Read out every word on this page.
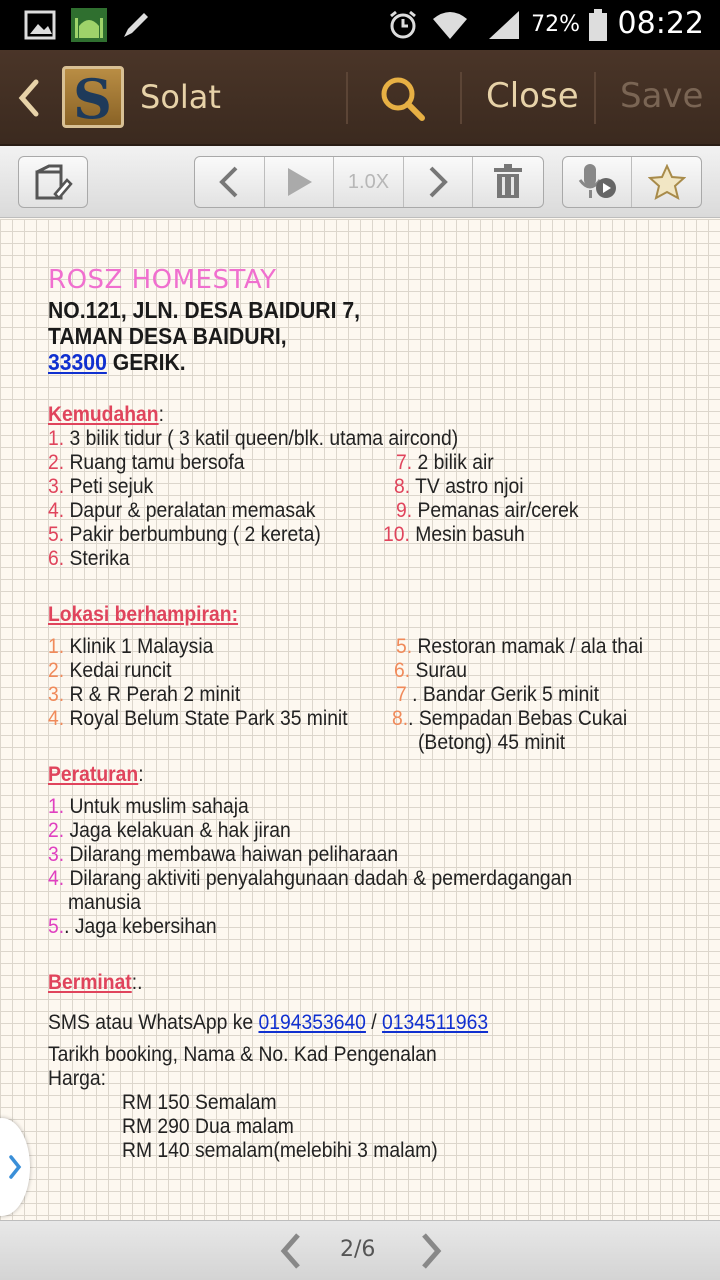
72% 08:22
S Solat	Close Save
1.0X
ROSZ HOMESTAY
NO.121, JLN. DESA BAIDURI 7,
TAMAN DESA BAIDURI,
33300 GERIK.
Kemudahan:
1. 3 bilik tidur ( 3 katil queen/blk. utama aircond)
2. Ruang tamu bersofa
3. Peti sejuk
4. Dapur & peralatan memasak
5. Pakir berbumbung ( 2 kereta)
6. Sterika
7. 2 bilik air
8. TV astro njoi
9. Pemanas air/cerek
10. Mesin basuh
Lokasi berhampiran:
1. Klinik 1 Malaysia
2. Kedai runcit
3. R & R Perah 2 minit
4. Royal Belum State Park 35 minit
5. Restoran mamak / ala thai
6. Surau
7 . Bandar Gerik 5 minit
8.. Sempadan Bebas Cukai
(Betong) 45 minit
Peraturan:
1. Untuk muslim sahaja
2. Jaga kelakuan & hak jiran
3. Dilarang membawa haiwan peliharaan
4. Dilarang aktiviti penyalahgunaan dadah & pemerdagangan
manusia
5.. Jaga kebersihan
Berminat:.
SMS atau WhatsApp ke 0194353640 / 0134511963
Tarikh booking, Nama & No. Kad Pengenalan
Harga:
RM 150 Semalam
RM 290 Dua malam
RM 140 semalam(melebihi 3 malam)
2/6
